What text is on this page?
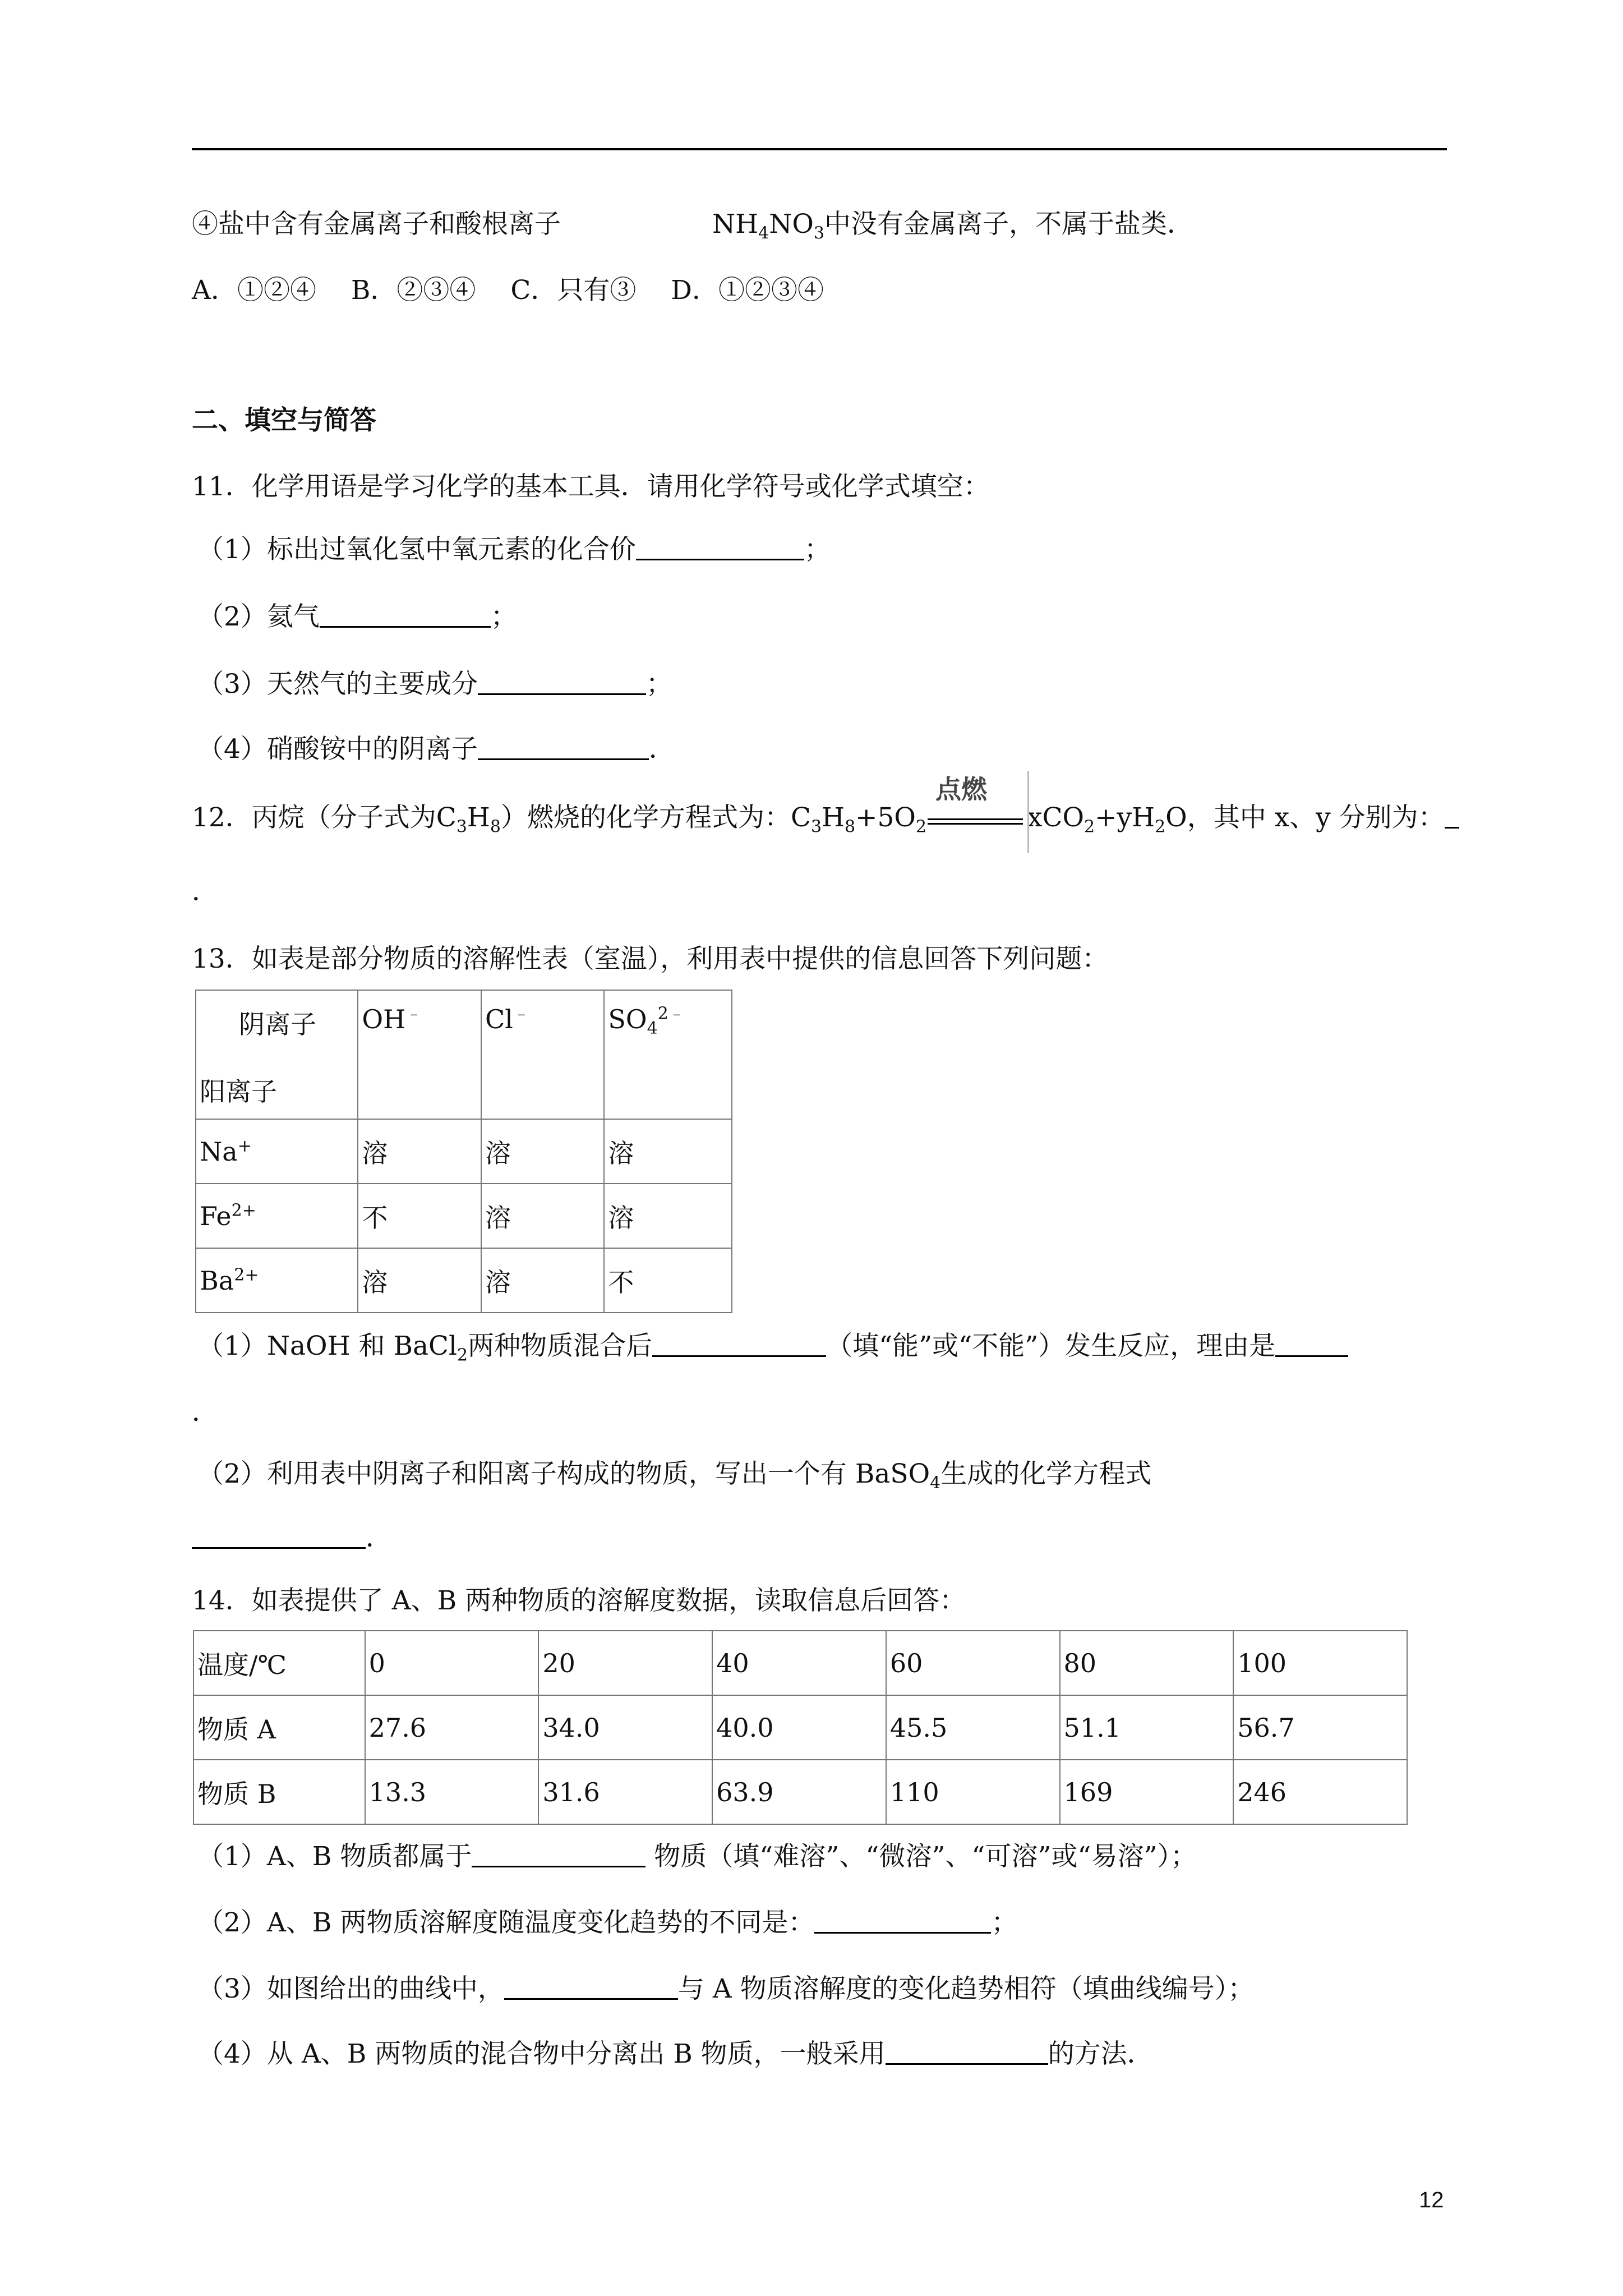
④盐中含有金属离子和酸根离子	$NH_4NO_3$中没有金属离子，不属于盐类．
A．①②④　 B．②③④　 C．只有③　 D．①②③④
二、填空与简答
11．化学用语是学习化学的基本工具．请用化学符号或化学式填空：
（1）标出过氧化氢中氧元素的化合价	；
（2）氦气	；
（3）天然气的主要成分	；
（4）硝酸铵中的阴离子	．
12．丙烷（分子式为$C_3H_8$）燃烧的化学方程式为：$C_3H_8+5O_2$
点燃
$xCO_2+yH_2O$，其中 x、y 分别为：
．
13．如表是部分物质的溶解性表（室温），利用表中提供的信息回答下列问题：
阴离子
阳离子	OH﹣	Cl﹣	$SO_4^{2﹣}$
Na+	溶	溶	溶
$Fe^{2+}$	不	溶	溶
$Ba^{2+}$	溶	溶	不
（1）NaOH 和 BaCl$_2$两种物质混合后	（填“能”或“不能”）发生反应，理由是
．
（2）利用表中阴离子和阳离子构成的物质，写出一个有 BaSO$_4$生成的化学方程式
．
14．如表提供了 A、B 两种物质的溶解度数据，读取信息后回答：
温度/℃	0	20	40	60	80	100
物质 A	27.6	34.0	40.0	45.5	51.1	56.7
物质 B	13.3	31.6	63.9	110	169	246
（1）A、B 物质都属于	物质（填“难溶”、“微溶”、“可溶”或“易溶”）；
（2）A、B 两物质溶解度随温度变化趋势的不同是：	；
（3）如图给出的曲线中，	与 A 物质溶解度的变化趋势相符（填曲线编号）；
（4）从 A、B 两物质的混合物中分离出 B 物质，一般采用	的方法．
12
